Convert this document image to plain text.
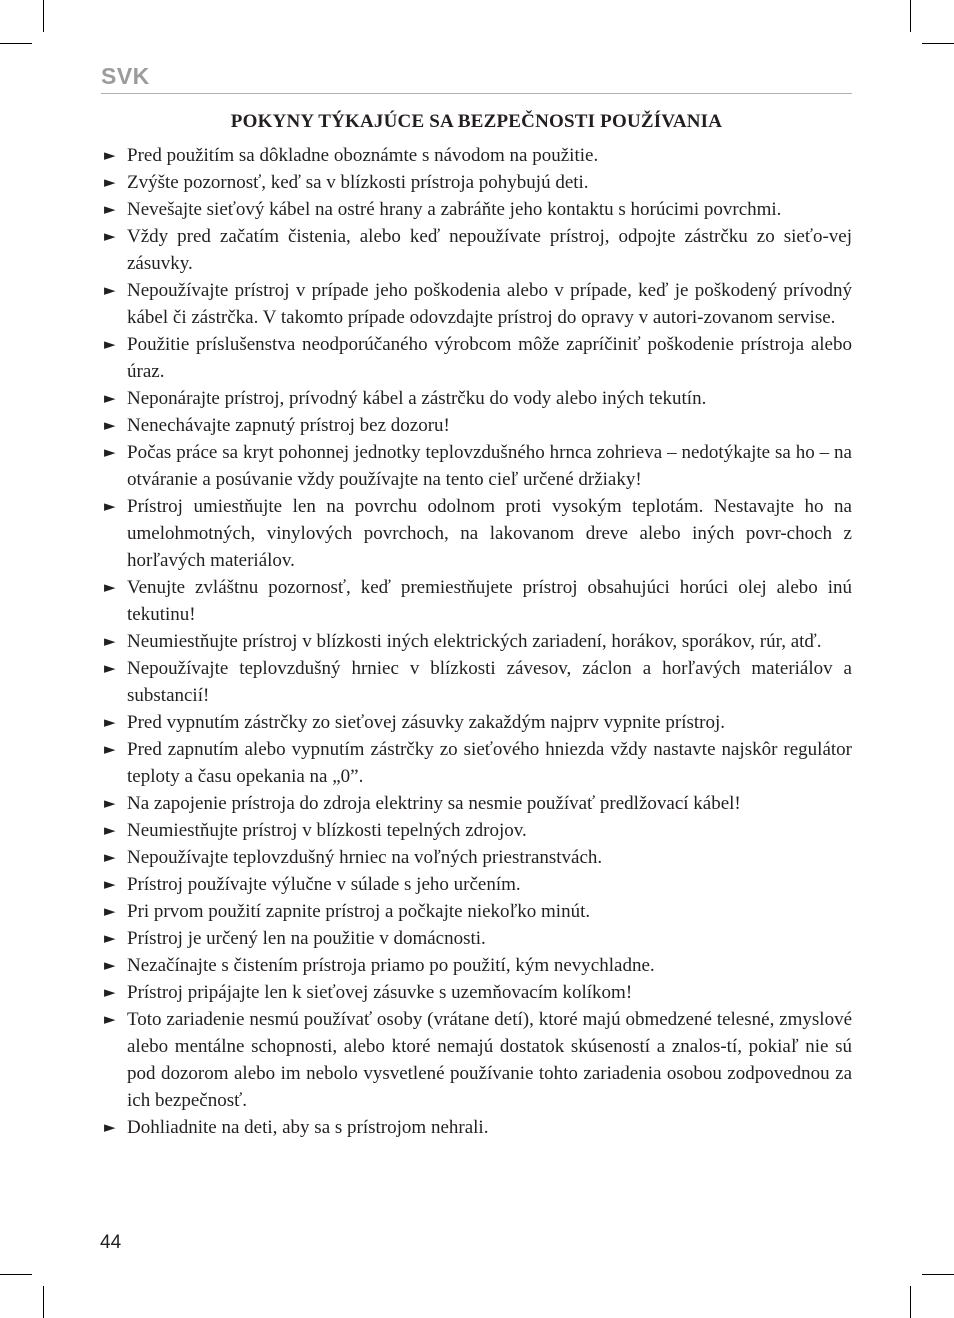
SVK
POKYNY TÝKAJÚCE SA BEZPEČNOSTI POUŽÍVANIA
► Pred použitím sa dôkladne oboznámte s návodom na použitie.
► Zvýšte pozornosť, keď sa v blízkosti prístroja pohybujú deti.
► Nevešajte sieťový kábel na ostré hrany a zabráňte jeho kontaktu s horúcimi povrchmi.
► Vždy pred začatím čistenia, alebo keď nepoužívate prístroj, odpojte zástrčku zo sieťo-vej zásuvky.
► Nepoužívajte prístroj v prípade jeho poškodenia alebo v prípade, keď je poškodený prívodný kábel či zástrčka. V takomto prípade odovzdajte prístroj do opravy v autori-zovanom servise.
► Použitie príslušenstva neodporúčaného výrobcom môže zapríčiniť poškodenie prístroja alebo úraz.
► Neponárajte prístroj, prívodný kábel a zástrčku do vody alebo iných tekutín.
► Nenechávajte zapnutý prístroj bez dozoru!
► Počas práce sa kryt pohonnej jednotky teplovzdušného hrnca zohrieva – nedotýkajte sa ho – na otváranie a posúvanie vždy používajte na tento cieľ určené držiaky!
► Prístroj umiestňujte len na povrchu odolnom proti vysokým teplotám. Nestavajte ho na umelohmotných, vinylových povrchoch, na lakovanom dreve alebo iných povr-choch z horľavých materiálov.
► Venujte zvláštnu pozornosť, keď premiestňujete prístroj obsahujúci horúci olej alebo inú tekutinu!
► Neumiestňujte prístroj v blízkosti iných elektrických zariadení, horákov, sporákov, rúr, atď.
► Nepoužívajte teplovzdušný hrniec v blízkosti závesov, záclon a horľavých materiálov a substancií!
► Pred vypnutím zástrčky zo sieťovej zásuvky zakaždým najprv vypnite prístroj.
► Pred zapnutím alebo vypnutím zástrčky zo sieťového hniezda vždy nastavte najskôr regulátor teploty a času opekania na „0”.
► Na zapojenie prístroja do zdroja elektriny sa nesmie používať predlžovací kábel!
► Neumiestňujte prístroj v blízkosti tepelných zdrojov.
► Nepoužívajte teplovzdušný hrniec na voľných priestranstvách.
► Prístroj používajte výlučne v súlade s jeho určením.
► Pri prvom použití zapnite prístroj a počkajte niekoľko minút.
► Prístroj je určený len na použitie v domácnosti.
► Nezačínajte s čistením prístroja priamo po použití, kým nevychladne.
► Prístroj pripájajte len k sieťovej zásuvke s uzemňovacím kolíkom!
► Toto zariadenie nesmú používať osoby (vrátane detí), ktoré majú obmedzené telesné, zmyslové alebo mentálne schopnosti, alebo ktoré nemajú dostatok skúseností a znalos-tí, pokiaľ nie sú pod dozorom alebo im nebolo vysvetlené používanie tohto zariadenia osobou zodpovednou za ich bezpečnosť.
► Dohliadnite na deti, aby sa s prístrojom nehrali.
44
